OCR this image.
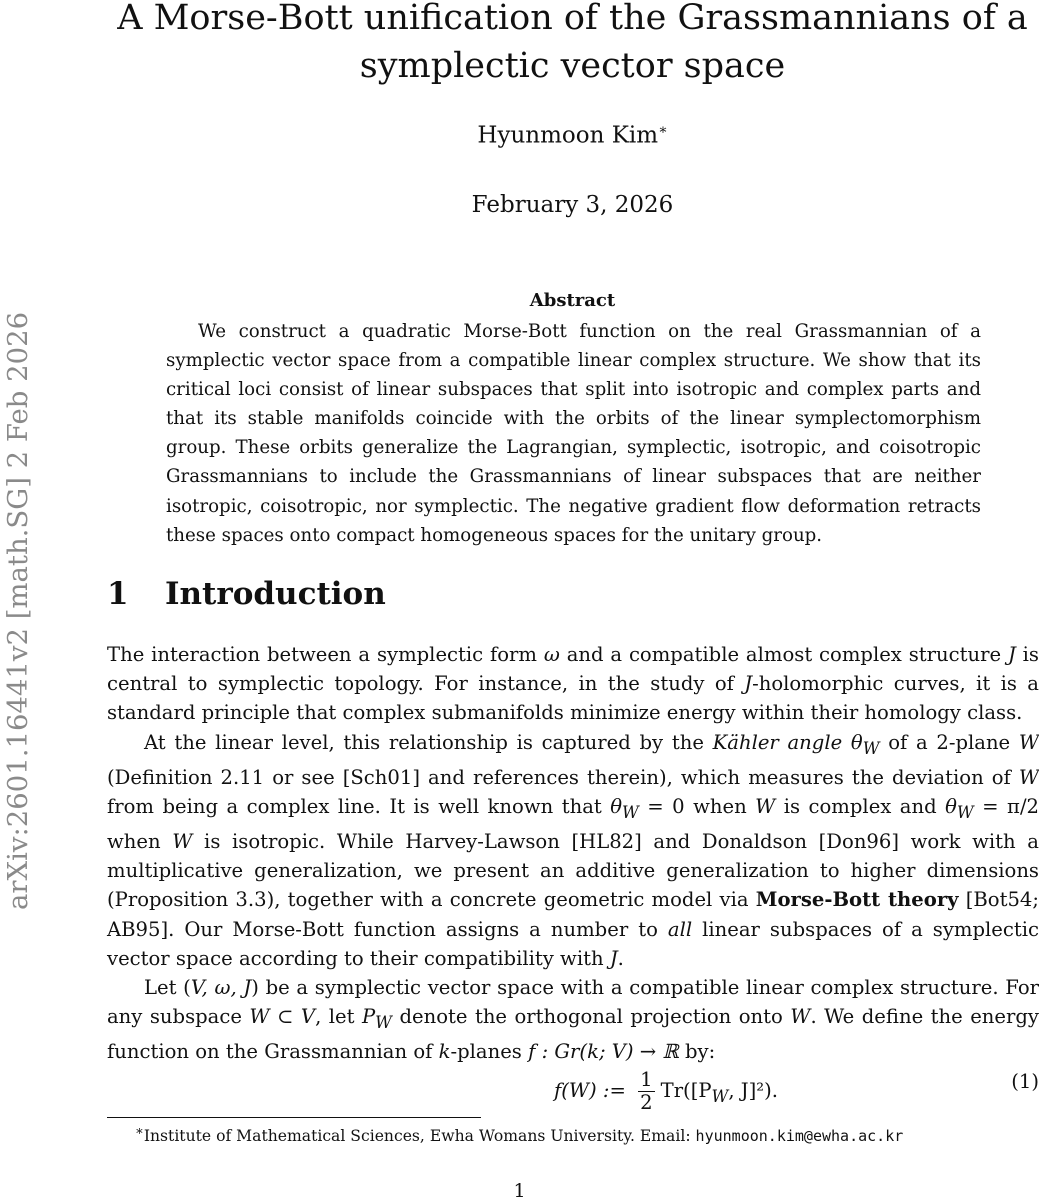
arXiv:2601.16441v2 [math.SG] 2 Feb 2026
A Morse-Bott unification of the Grassmannians of a
symplectic vector space
Hyunmoon Kim∗
February 3, 2026
Abstract
We construct a quadratic Morse-Bott function on the real Grassmannian of a symplectic vector space from a compatible linear complex structure. We show that its critical loci consist of linear subspaces that split into isotropic and complex parts and that its stable manifolds coincide with the orbits of the linear symplectomorphism group. These orbits generalize the Lagrangian, symplectic, isotropic, and coisotropic Grassmannians to include the Grassmannians of linear subspaces that are neither isotropic, coisotropic, nor symplectic. The negative gradient flow deformation retracts these spaces onto compact homogeneous spaces for the unitary group.
1 Introduction

The interaction between a symplectic form ω and a compatible almost complex structure J is central to symplectic topology. For instance, in the study of J-holomorphic curves, it is a standard principle that complex submanifolds minimize energy within their homology class.

At the linear level, this relationship is captured by the Kähler angle $\theta_W$ of a 2-plane W (Definition 2.11 or see [Sch01] and references therein), which measures the deviation of W from being a complex line. It is well known that $\theta_W = 0$ when W is complex and $\theta_W = \pi/2$ when W is isotropic. While Harvey-Lawson [HL82] and Donaldson [Don96] work with a multiplicative generalization, we present an additive generalization to higher dimensions (Proposition 3.3), together with a concrete geometric model via Morse-Bott theory [Bot54; AB95]. Our Morse-Bott function assigns a number to all linear subspaces of a symplectic vector space according to their compatibility with J.

Let (V, ω, J) be a symplectic vector space with a compatible linear complex structure. For any subspace W ⊂ V, let $P_W$ denote the orthogonal projection onto W. We define the energy function on the Grassmannian of k-planes f : Gr(k; V) → ℝ by:

f(W) := $\frac{1}{2} Tr([P_W$, J]²).	(1)
∗Institute of Mathematical Sciences, Ewha Womans University. Email: hyunmoon.kim@ewha.ac.kr
1
